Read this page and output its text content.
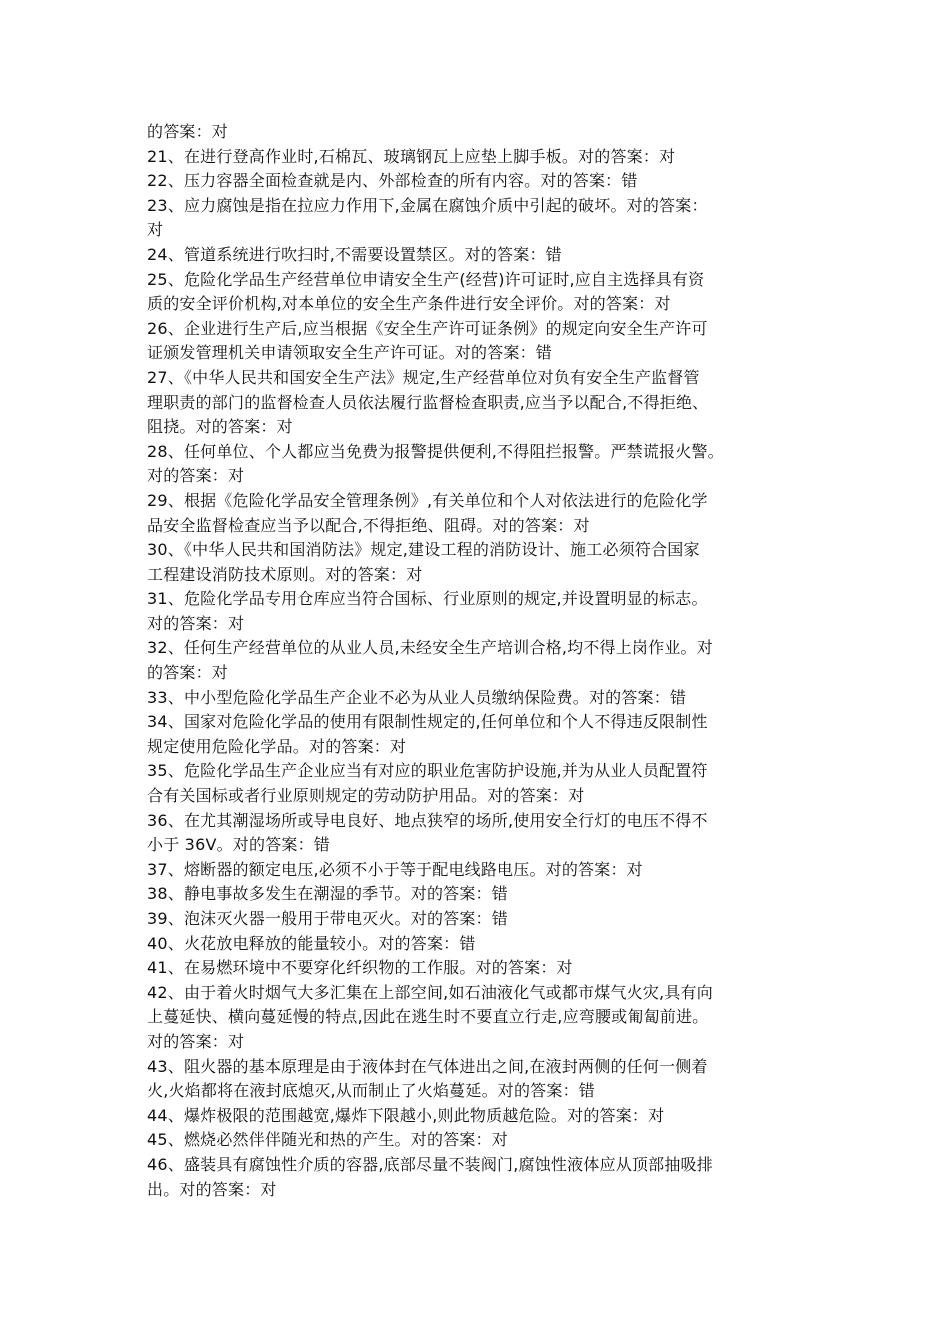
的答案：对

21、在进行登高作业时,石棉瓦、玻璃钢瓦上应垫上脚手板。对的答案：对

22、压力容器全面检查就是内、外部检查的所有内容。对的答案：错

23、应力腐蚀是指在拉应力作用下,金属在腐蚀介质中引起的破坏。对的答案：

对

24、管道系统进行吹扫时,不需要设置禁区。对的答案：错

25、危险化学品生产经营单位申请安全生产(经营)许可证时,应自主选择具有资

质的安全评价机构,对本单位的安全生产条件进行安全评价。对的答案：对

26、企业进行生产后,应当根据《安全生产许可证条例》的规定向安全生产许可

证颁发管理机关申请领取安全生产许可证。对的答案：错

27、《中华人民共和国安全生产法》规定,生产经营单位对负有安全生产监督管

理职责的部门的监督检查人员依法履行监督检查职责,应当予以配合,不得拒绝、

阻挠。对的答案：对

28、任何单位、个人都应当免费为报警提供便利,不得阻拦报警。严禁谎报火警。

对的答案：对

29、根据《危险化学品安全管理条例》,有关单位和个人对依法进行的危险化学

品安全监督检查应当予以配合,不得拒绝、阻碍。对的答案：对

30、《中华人民共和国消防法》规定,建设工程的消防设计、施工必须符合国家

工程建设消防技术原则。对的答案：对

31、危险化学品专用仓库应当符合国标、行业原则的规定,并设置明显的标志。

对的答案：对

32、任何生产经营单位的从业人员,未经安全生产培训合格,均不得上岗作业。对

的答案：对

33、中小型危险化学品生产企业不必为从业人员缴纳保险费。对的答案：错

34、国家对危险化学品的使用有限制性规定的,任何单位和个人不得违反限制性

规定使用危险化学品。对的答案：对

35、危险化学品生产企业应当有对应的职业危害防护设施,并为从业人员配置符

合有关国标或者行业原则规定的劳动防护用品。对的答案：对

36、在尤其潮湿场所或导电良好、地点狭窄的场所,使用安全行灯的电压不得不

小于 36V。对的答案：错

37、熔断器的额定电压,必须不小于等于配电线路电压。对的答案：对

38、静电事故多发生在潮湿的季节。对的答案：错

39、泡沫灭火器一般用于带电灭火。对的答案：错

40、火花放电释放的能量较小。对的答案：错

41、在易燃环境中不要穿化纤织物的工作服。对的答案：对

42、由于着火时烟气大多汇集在上部空间,如石油液化气或都市煤气火灾,具有向

上蔓延快、横向蔓延慢的特点,因此在逃生时不要直立行走,应弯腰或匍匐前进。

对的答案：对

43、阻火器的基本原理是由于液体封在气体进出之间,在液封两侧的任何一侧着

火,火焰都将在液封底熄灭,从而制止了火焰蔓延。对的答案：错

44、爆炸极限的范围越宽,爆炸下限越小,则此物质越危险。对的答案：对

45、燃烧必然伴伴随光和热的产生。对的答案：对

46、盛装具有腐蚀性介质的容器,底部尽量不装阀门,腐蚀性液体应从顶部抽吸排

出。对的答案：对
